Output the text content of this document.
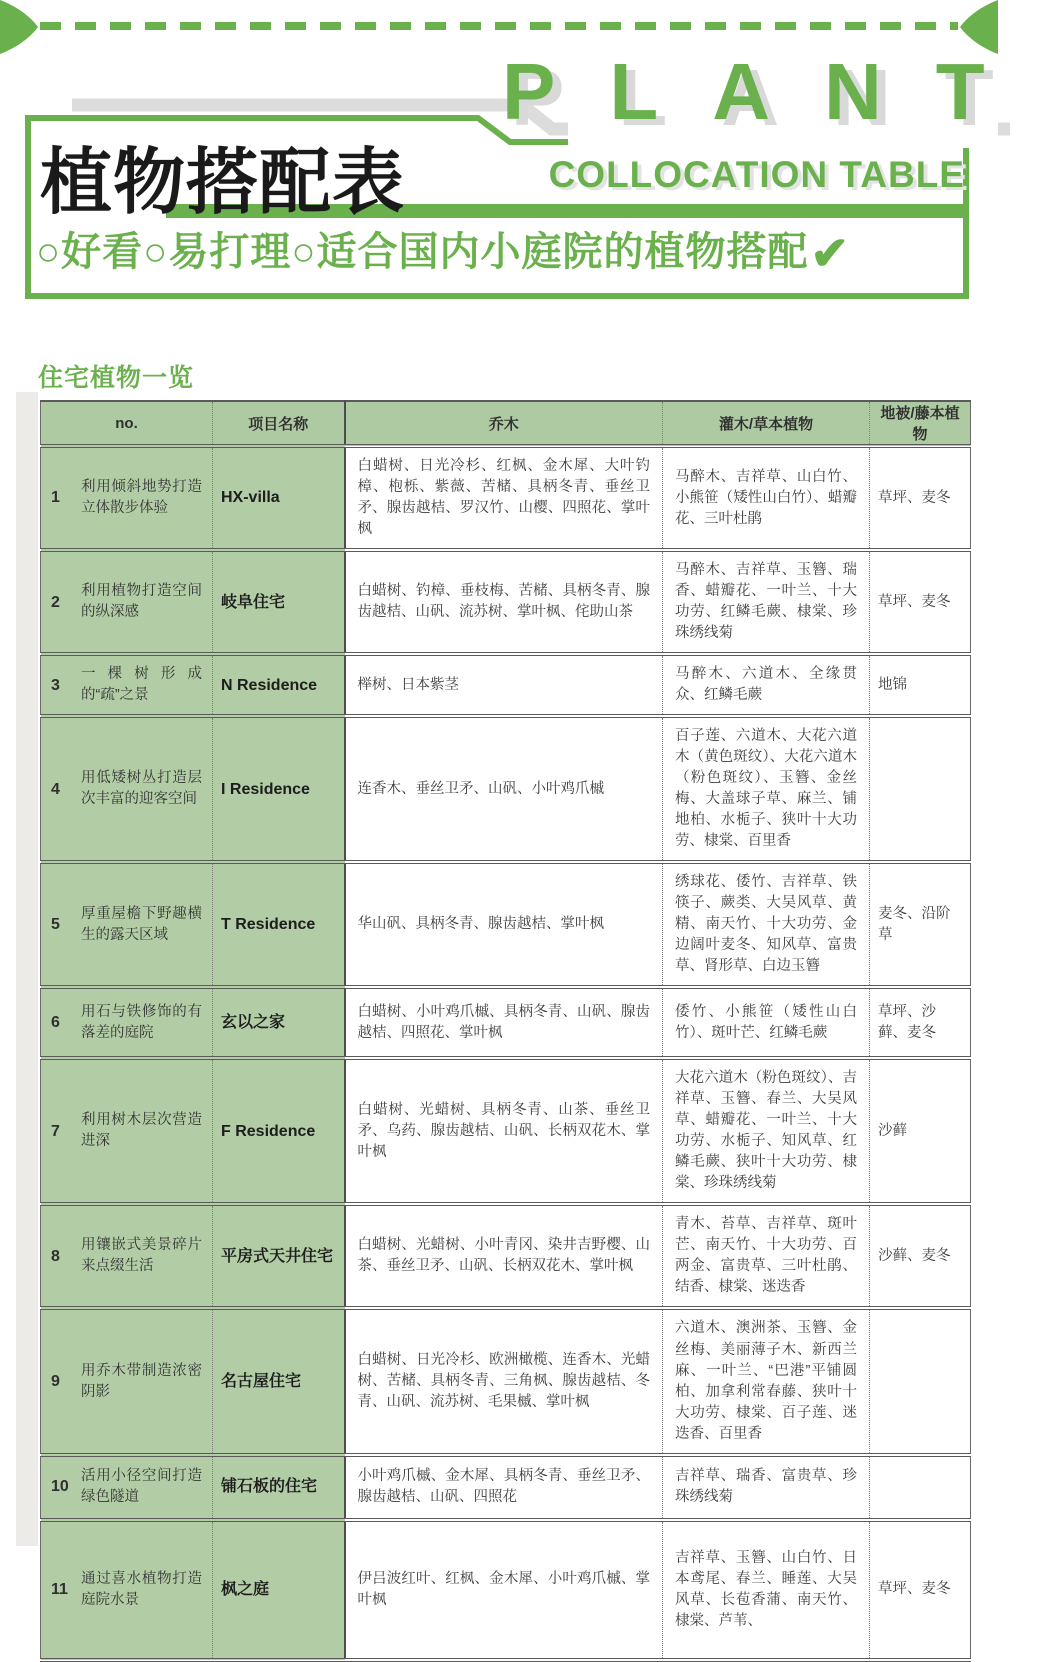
PLANT
植物搭配表	COLLOCATION TABLE
○好看○易打理○适合国内小庭院的植物搭配✔
住宅植物一览
no.	项目名称	乔木	灌木/草本植物	地被/藤本植物

1
利用倾斜地势打造立体散步体验	HX-villa	白蜡树、日光冷杉、红枫、金木犀、大叶钓樟、枹栎、紫薇、苦槠、具柄冬青、垂丝卫矛、腺齿越桔、罗汉竹、山樱、四照花、掌叶枫	马醉木、吉祥草、山白竹、小熊笹（矮性山白竹）、蜡瓣花、三叶杜鹃	草坪、麦冬

2
利用植物打造空间的纵深感	岐阜住宅	白蜡树、钓樟、垂枝梅、苦槠、具柄冬青、腺齿越桔、山矾、流苏树、掌叶枫、侘助山茶	马醉木、吉祥草、玉簪、瑞香、蜡瓣花、一叶兰、十大功劳、红鳞毛蕨、棣棠、珍珠绣线菊	草坪、麦冬

3
一棵树形成的“疏”之景	N Residence	榉树、日本紫茎	马醉木、六道木、全缘贯众、红鳞毛蕨	地锦

4
用低矮树丛打造层次丰富的迎客空间	I Residence	连香木、垂丝卫矛、山矾、小叶鸡爪槭	百子莲、六道木、大花六道木（黄色斑纹）、大花六道木（粉色斑纹）、玉簪、金丝梅、大盖球子草、麻兰、铺地柏、水栀子、狭叶十大功劳、棣棠、百里香	

5
厚重屋檐下野趣横生的露天区域	T Residence	华山矾、具柄冬青、腺齿越桔、掌叶枫	绣球花、倭竹、吉祥草、铁筷子、蕨类、大吴风草、黄精、南天竹、十大功劳、金边阔叶麦冬、知风草、富贵草、肾形草、白边玉簪	麦冬、沿阶草

6
用石与铁修饰的有落差的庭院	玄以之家	白蜡树、小叶鸡爪槭、具柄冬青、山矾、腺齿越桔、四照花、掌叶枫	倭竹、小熊笹（矮性山白竹）、斑叶芒、红鳞毛蕨	草坪、沙藓、麦冬

7
利用树木层次营造进深	F Residence	白蜡树、光蜡树、具柄冬青、山茶、垂丝卫矛、乌药、腺齿越桔、山矾、长柄双花木、掌叶枫	大花六道木（粉色斑纹）、吉祥草、玉簪、春兰、大吴风草、蜡瓣花、一叶兰、十大功劳、水栀子、知风草、红鳞毛蕨、狭叶十大功劳、棣棠、珍珠绣线菊	沙藓

8
用镶嵌式美景碎片来点缀生活	平房式天井住宅	白蜡树、光蜡树、小叶青冈、染井吉野樱、山茶、垂丝卫矛、山矾、长柄双花木、掌叶枫	青木、苔草、吉祥草、斑叶芒、南天竹、十大功劳、百两金、富贵草、三叶杜鹃、结香、棣棠、迷迭香	沙藓、麦冬

9
用乔木带制造浓密阴影	名古屋住宅	白蜡树、日光冷杉、欧洲橄榄、连香木、光蜡树、苦槠、具柄冬青、三角枫、腺齿越桔、冬青、山矾、流苏树、毛果槭、掌叶枫	六道木、澳洲茶、玉簪、金丝梅、美丽薄子木、新西兰麻、一叶兰、“巴港”平铺圆柏、加拿利常春藤、狭叶十大功劳、棣棠、百子莲、迷迭香、百里香	

10
活用小径空间打造绿色隧道	铺石板的住宅	小叶鸡爪槭、金木犀、具柄冬青、垂丝卫矛、腺齿越桔、山矾、四照花	吉祥草、瑞香、富贵草、珍珠绣线菊	

11
通过喜水植物打造庭院水景	枫之庭	伊吕波红叶、红枫、金木犀、小叶鸡爪槭、掌叶枫	吉祥草、玉簪、山白竹、日本鸢尾、春兰、睡莲、大吴风草、长苞香蒲、南天竹、棣棠、芦苇、	草坪、麦冬
